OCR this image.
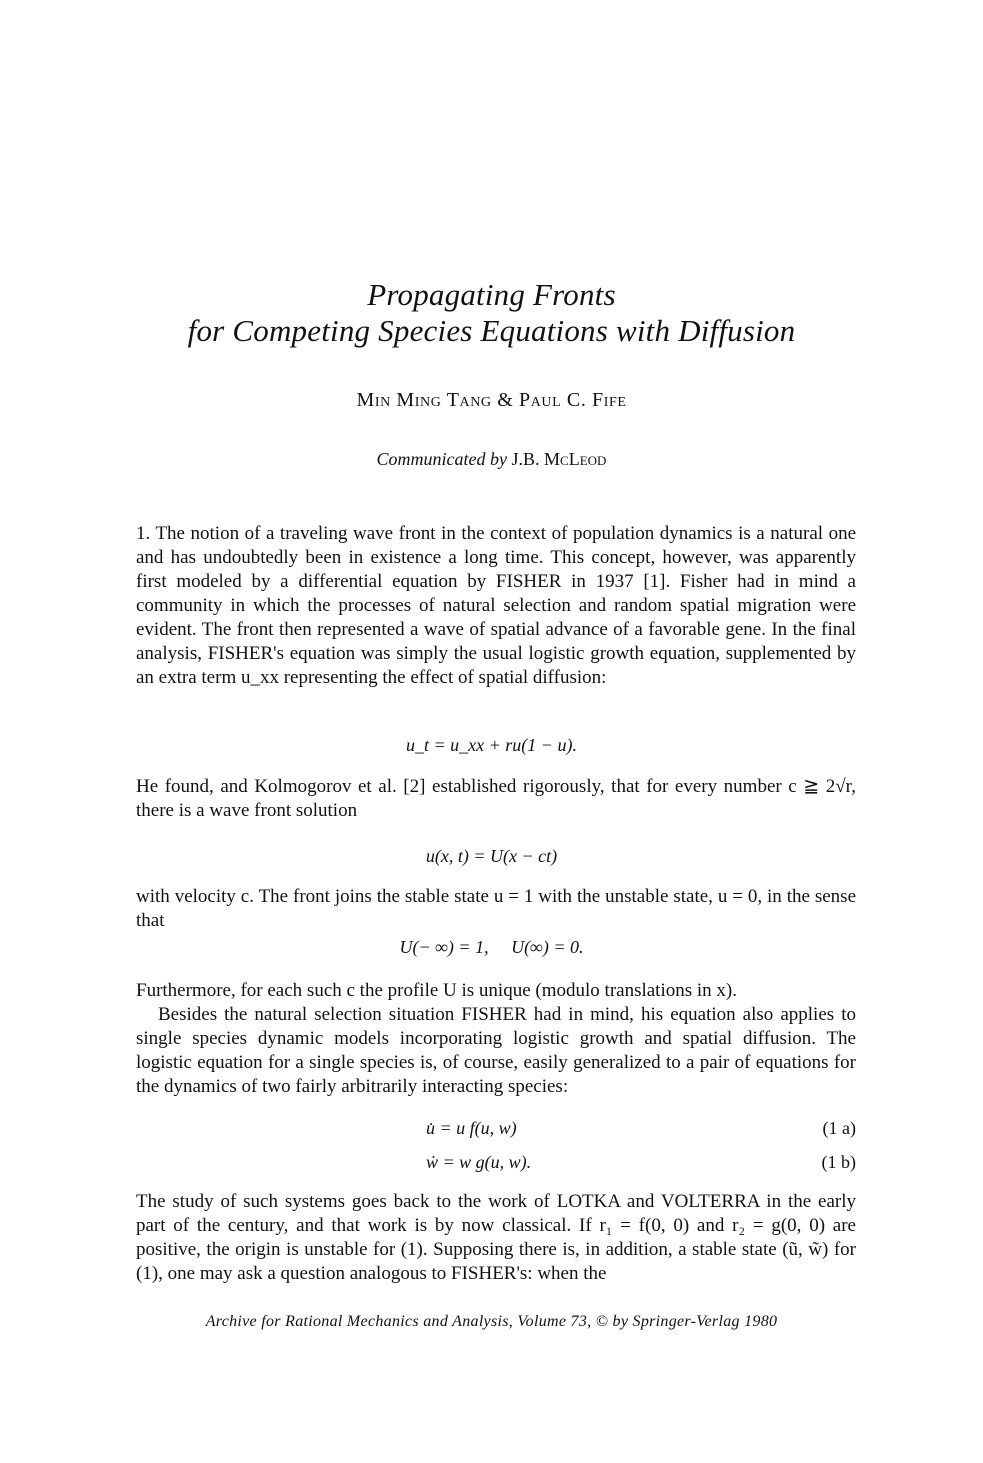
Propagating Fronts
for Competing Species Equations with Diffusion
Min Ming Tang & Paul C. Fife
Communicated by J.B. McLeod

1. The notion of a traveling wave front in the context of population dynamics is a natural one and has undoubtedly been in existence a long time. This concept, however, was apparently first modeled by a differential equation by FISHER in 1937 [1]. Fisher had in mind a community in which the processes of natural selection and random spatial migration were evident. The front then represented a wave of spatial advance of a favorable gene. In the final analysis, FISHER's equation was simply the usual logistic growth equation, supplemented by an extra term u_xx representing the effect of spatial diffusion:

u_t = u_xx + ru(1 − u).

He found, and Kolmogorov et al. [2] established rigorously, that for every number c ≧ 2√r, there is a wave front solution

u(x, t) = U(x − ct)

with velocity c. The front joins the stable state u = 1 with the unstable state, u = 0, in the sense that

U(− ∞) = 1,     U(∞) = 0.

Furthermore, for each such c the profile U is unique (modulo translations in x).

Besides the natural selection situation FISHER had in mind, his equation also applies to single species dynamic models incorporating logistic growth and spatial diffusion. The logistic equation for a single species is, of course, easily generalized to a pair of equations for the dynamics of two fairly arbitrarily interacting species:

u̇ = u f(u, w)	(1 a)
ẇ = w g(u, w).	(1 b)

The study of such systems goes back to the work of LOTKA and VOLTERRA in the early part of the century, and that work is by now classical. If r₁ = f(0, 0) and r₂ = g(0, 0) are positive, the origin is unstable for (1). Supposing there is, in addition, a stable state (ũ, w̃) for (1), one may ask a question analogous to FISHER's: when the

Archive for Rational Mechanics and Analysis, Volume 73, © by Springer-Verlag 1980
